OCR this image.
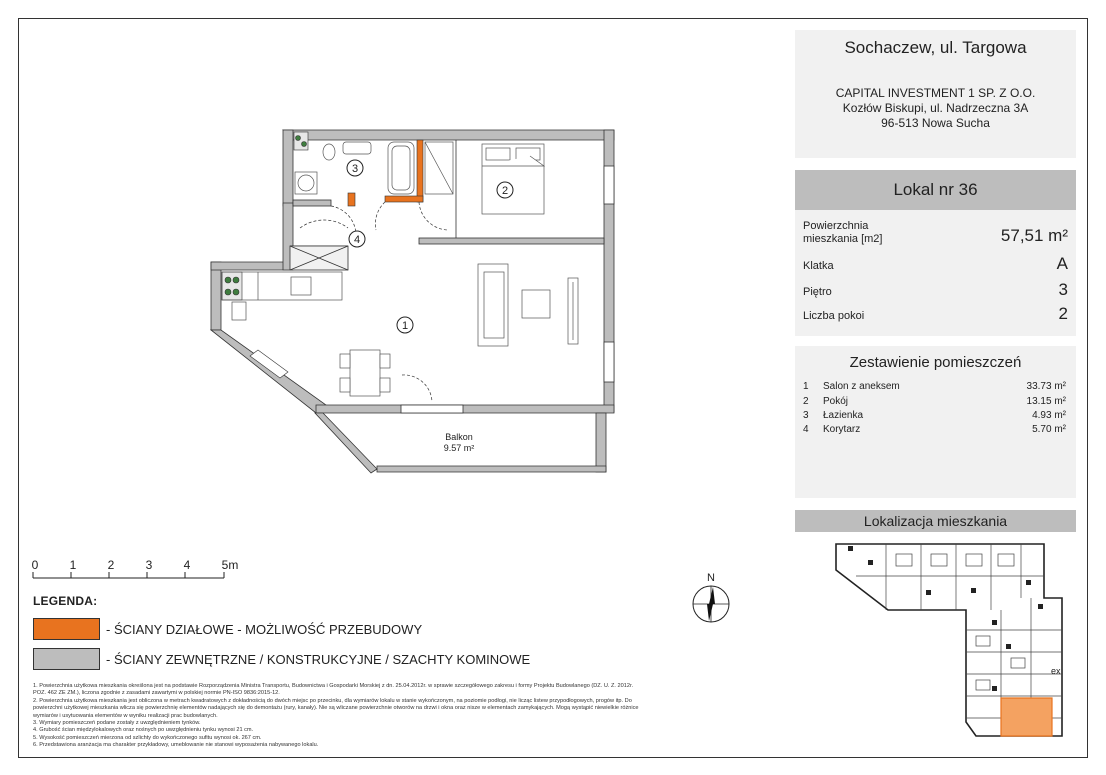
1
2
3
4
Balkon
9.57 m²
0	1	2	3	4	5m
N
LEGENDA:
- ŚCIANY DZIAŁOWE - MOŻLIWOŚĆ PRZEBUDOWY
- ŚCIANY ZEWNĘTRZNE / KONSTRUKCYJNE / SZACHTY KOMINOWE
1. Powierzchnia użytkowa mieszkania określona jest na podstawie Rozporządzenia Ministra Transportu, Budownictwa i Gospodarki Morskiej z dn. 25.04.2012r. w sprawie szczegółowego zakresu i formy Projektu Budowlanego (DZ. U. Z. 2012r.
POZ. 462 ZE ZM.), liczona zgodnie z zasadami zawartymi w polskiej normie PN-ISO 9836:2015-12.
2. Powierzchnia użytkowa mieszkania jest obliczona w metrach kwadratowych z dokładnością do dwóch miejsc po przecinku, dla wymiarów lokalu w stanie wykończonym, na poziomie podłogi, nie licząc listew przypodłogowych, progów itp. Do
powierzchni użytkowej mieszkania wlicza się powierzchnię elementów nadających się do demontażu (rury, kanały). Nie są wliczane powierzchnie otworów na drzwi i okna oraz nisze w elementach zamykających. Mogą wystąpić niewielkie różnice
wymiarów i usytuowania elementów w wyniku realizacji prac budowlanych.
3. Wymiary pomieszczeń podane zostały z uwzględnieniem tynków.
4. Grubość ścian międzylokalowych oraz nośnych po uwzględnieniu tynku wynosi 21 cm.
5. Wysokość pomieszczeń mierzona od szlichty do wykończonego sufitu wynosi ok. 267 cm.
6. Przedstawiona aranżacja ma charakter przykładowy, umeblowanie nie stanowi wyposażenia nabywanego lokalu.
Sochaczew, ul. Targowa
CAPITAL INVESTMENT 1 SP. Z O.O.
Kozłów Biskupi, ul. Nadrzeczna 3A
96-513 Nowa Sucha
Lokal nr 36
Powierzchnia
mieszkania [m2]	57,51 m²
Klatka	A
Piętro	3
Liczba pokoi	2
Zestawienie pomieszczeń
1 Salon z aneksem	33.73 m²
2 Pokój	13.15 m²
3 Łazienka	4.93 m²
4 Korytarz	5.70 m²
Lokalizacja mieszkania
ex
